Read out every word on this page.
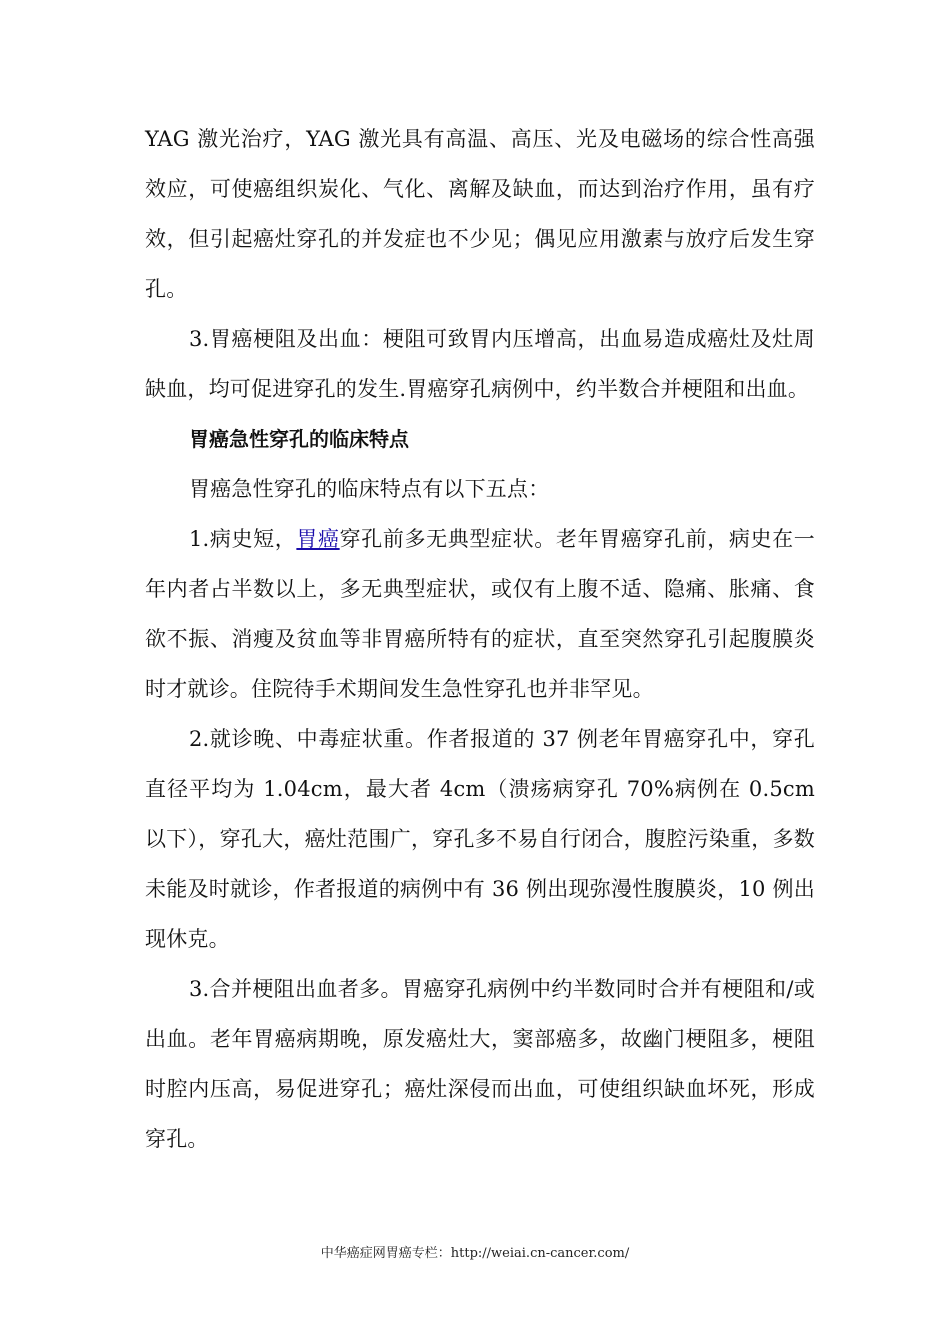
YAG 激光治疗，YAG 激光具有高温、高压、光及电磁场的综合性高强效应，可使癌组织炭化、气化、离解及缺血，而达到治疗作用，虽有疗效，但引起癌灶穿孔的并发症也不少见；偶见应用激素与放疗后发生穿孔。

3.胃癌梗阻及出血：梗阻可致胃内压增高，出血易造成癌灶及灶周缺血，均可促进穿孔的发生.胃癌穿孔病例中，约半数合并梗阻和出血。

胃癌急性穿孔的临床特点

胃癌急性穿孔的临床特点有以下五点：

1.病史短，胃癌穿孔前多无典型症状。老年胃癌穿孔前，病史在一年内者占半数以上，多无典型症状，或仅有上腹不适、隐痛、胀痛、食欲不振、消瘦及贫血等非胃癌所特有的症状，直至突然穿孔引起腹膜炎时才就诊。住院待手术期间发生急性穿孔也并非罕见。

2.就诊晚、中毒症状重。作者报道的 37 例老年胃癌穿孔中，穿孔直径平均为 1.04cm，最大者 4cm（溃疡病穿孔 70%病例在 0.5cm 以下），穿孔大，癌灶范围广，穿孔多不易自行闭合，腹腔污染重，多数未能及时就诊，作者报道的病例中有 36 例出现弥漫性腹膜炎，10 例出现休克。

3.合并梗阻出血者多。胃癌穿孔病例中约半数同时合并有梗阻和/或出血。老年胃癌病期晚，原发癌灶大，窦部癌多，故幽门梗阻多，梗阻时腔内压高，易促进穿孔；癌灶深侵而出血，可使组织缺血坏死，形成穿孔。

中华癌症网胃癌专栏：http://weiai.cn-cancer.com/
